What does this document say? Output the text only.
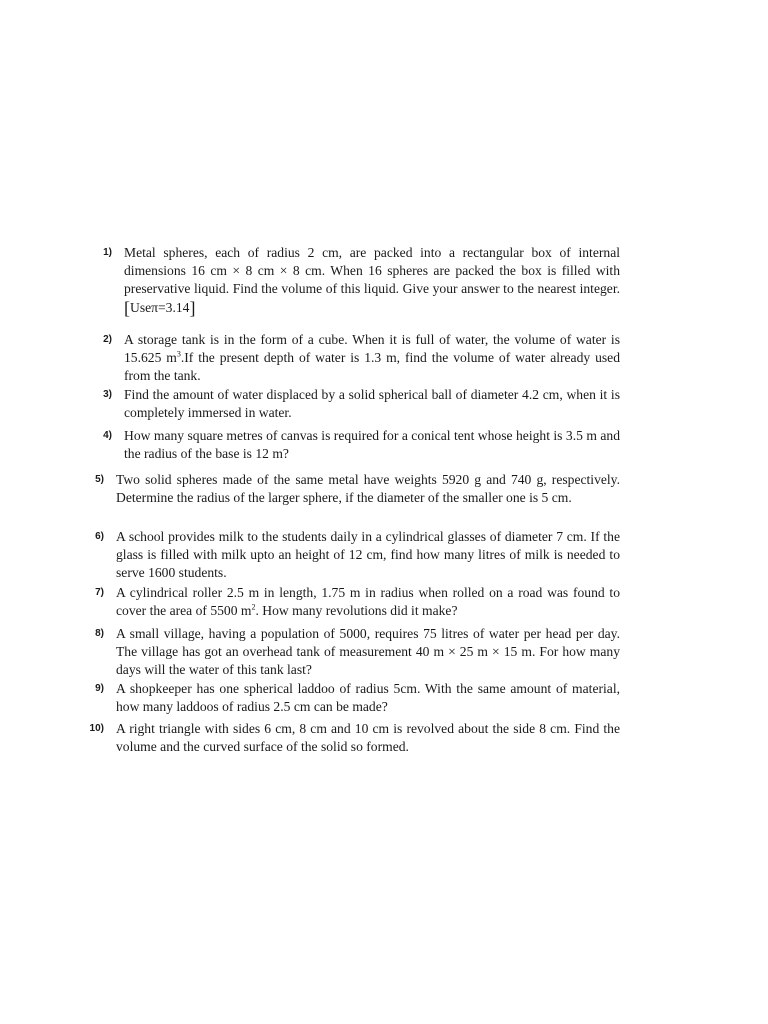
1) Metal spheres, each of radius 2 cm, are packed into a rectangular box of internal dimensions 16 cm × 8 cm × 8 cm. When 16 spheres are packed the box is filled with preservative liquid. Find the volume of this liquid. Give your answer to the nearest integer. [Useπ=3.14]
2) A storage tank is in the form of a cube. When it is full of water, the volume of water is 15.625 $m^3.If$ the present depth of water is 1.3 m, find the volume of water already used from the tank.
3) Find the amount of water displaced by a solid spherical ball of diameter 4.2 cm, when it is completely immersed in water.
4) How many square metres of canvas is required for a conical tent whose height is 3.5 m and the radius of the base is 12 m?
5) Two solid spheres made of the same metal have weights 5920 g and 740 g, respectively. Determine the radius of the larger sphere, if the diameter of the smaller one is 5 cm.
6) A school provides milk to the students daily in a cylindrical glasses of diameter 7 cm. If the glass is filled with milk upto an height of 12 cm, find how many litres of milk is needed to serve 1600 students.
7) A cylindrical roller 2.5 m in length, 1.75 m in radius when rolled on a road was found to cover the area of 5500 $m^2$. How many revolutions did it make?
8) A small village, having a population of 5000, requires 75 litres of water per head per day. The village has got an overhead tank of measurement 40 m × 25 m × 15 m. For how many days will the water of this tank last?
9) A shopkeeper has one spherical laddoo of radius 5cm. With the same amount of material, how many laddoos of radius 2.5 cm can be made?
10) A right triangle with sides 6 cm, 8 cm and 10 cm is revolved about the side 8 cm. Find the volume and the curved surface of the solid so formed.
